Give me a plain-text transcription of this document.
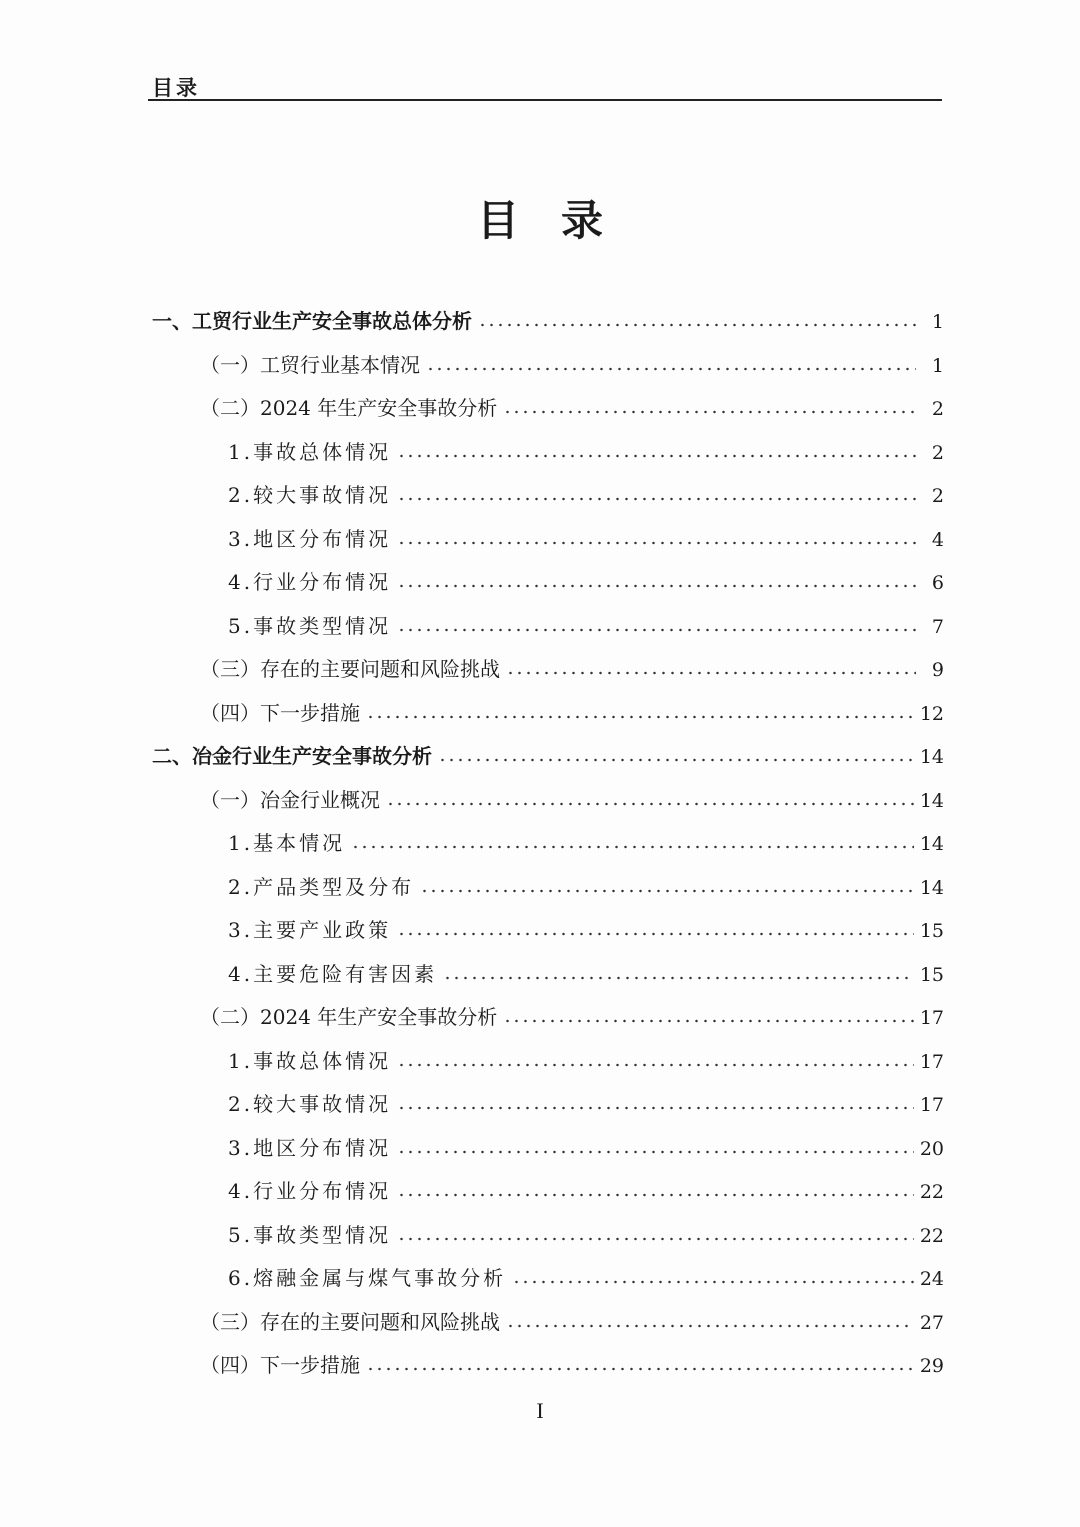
目录
目 录
一、工贸行业生产安全事故总体分析	1
（一）工贸行业基本情况	1
（二）2024 年生产安全事故分析	2
1.事故总体情况	2
2.较大事故情况	2
3.地区分布情况	4
4.行业分布情况	6
5.事故类型情况	7
（三）存在的主要问题和风险挑战	9
（四）下一步措施	12
二、冶金行业生产安全事故分析	14
（一）冶金行业概况	14
1.基本情况	14
2.产品类型及分布	14
3.主要产业政策	15
4.主要危险有害因素	15
（二）2024 年生产安全事故分析	17
1.事故总体情况	17
2.较大事故情况	17
3.地区分布情况	20
4.行业分布情况	22
5.事故类型情况	22
6.熔融金属与煤气事故分析	24
（三）存在的主要问题和风险挑战	27
（四）下一步措施	29
I
